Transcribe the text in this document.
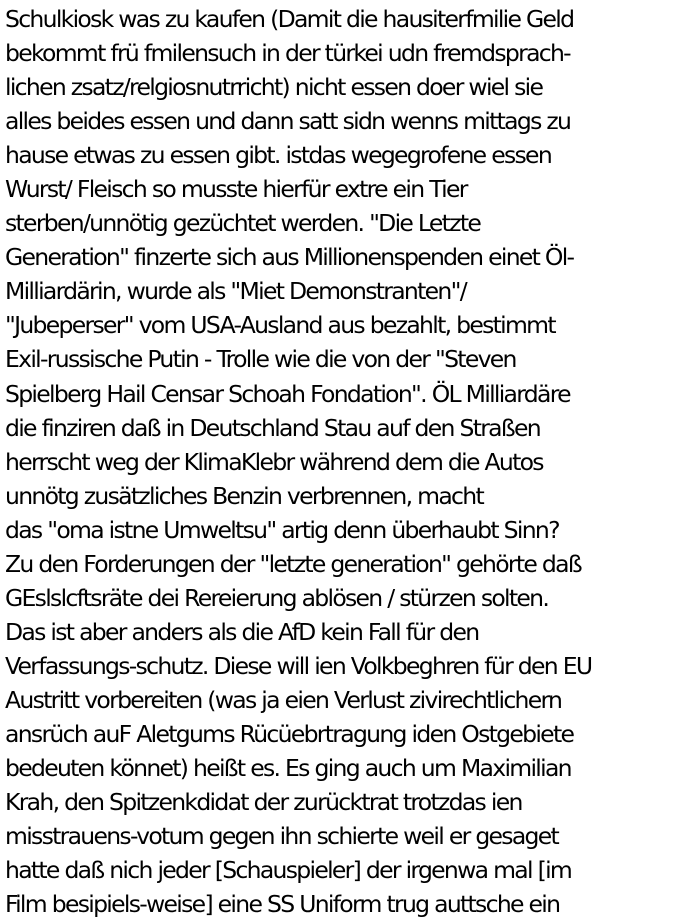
Schulkiosk was zu kaufen (Damit die hausiterfmilie Geld
bekommt frü fmilensuch in der türkei udn fremdsprach-
lichen zsatz/relgiosnutrricht) nicht essen doer wiel sie
alles beides essen und dann satt sidn wenns mittags zu
hause etwas zu essen gibt. istdas wegegrofene essen
Wurst/ Fleisch so musste hierfür extre ein Tier
sterben/unnötig gezüchtet werden. "Die Letzte
Generation" finzerte sich aus Millionenspenden einet Öl-
Milliardärin, wurde als "Miet Demonstranten"/
"Jubeperser" vom USA-Ausland aus bezahlt, bestimmt
Exil-russische Putin - Trolle wie die von der "Steven
Spielberg Hail Censar Schoah Fondation". ÖL Milliardäre
die finziren daß in Deutschland Stau auf den Straßen
herrscht weg der KlimaKlebr während dem die Autos
unnötg zusätzliches Benzin verbrennen, macht
das "oma istne Umweltsu" artig denn überhaubt Sinn?
Zu den Forderungen der "letzte generation" gehörte daß
GEslslcftsräte dei Rereierung ablösen / stürzen solten.
Das ist aber anders als die AfD kein Fall für den
Verfassungs-schutz. Diese will ien Volkbeghren für den EU
Austritt vorbereiten (was ja eien Verlust zivirechtlichern
ansrüch auF Aletgums Rücüebrtragung iden Ostgebiete
bedeuten könnet) heißt es. Es ging auch um Maximilian
Krah, den Spitzenkdidat der zurücktrat trotzdas ien
misstrauens-votum gegen ihn schierte weil er gesaget
hatte daß nich jeder [Schauspieler] der irgenwa mal [im
Film besipiels-weise] eine SS Uniform trug auttsche ein
